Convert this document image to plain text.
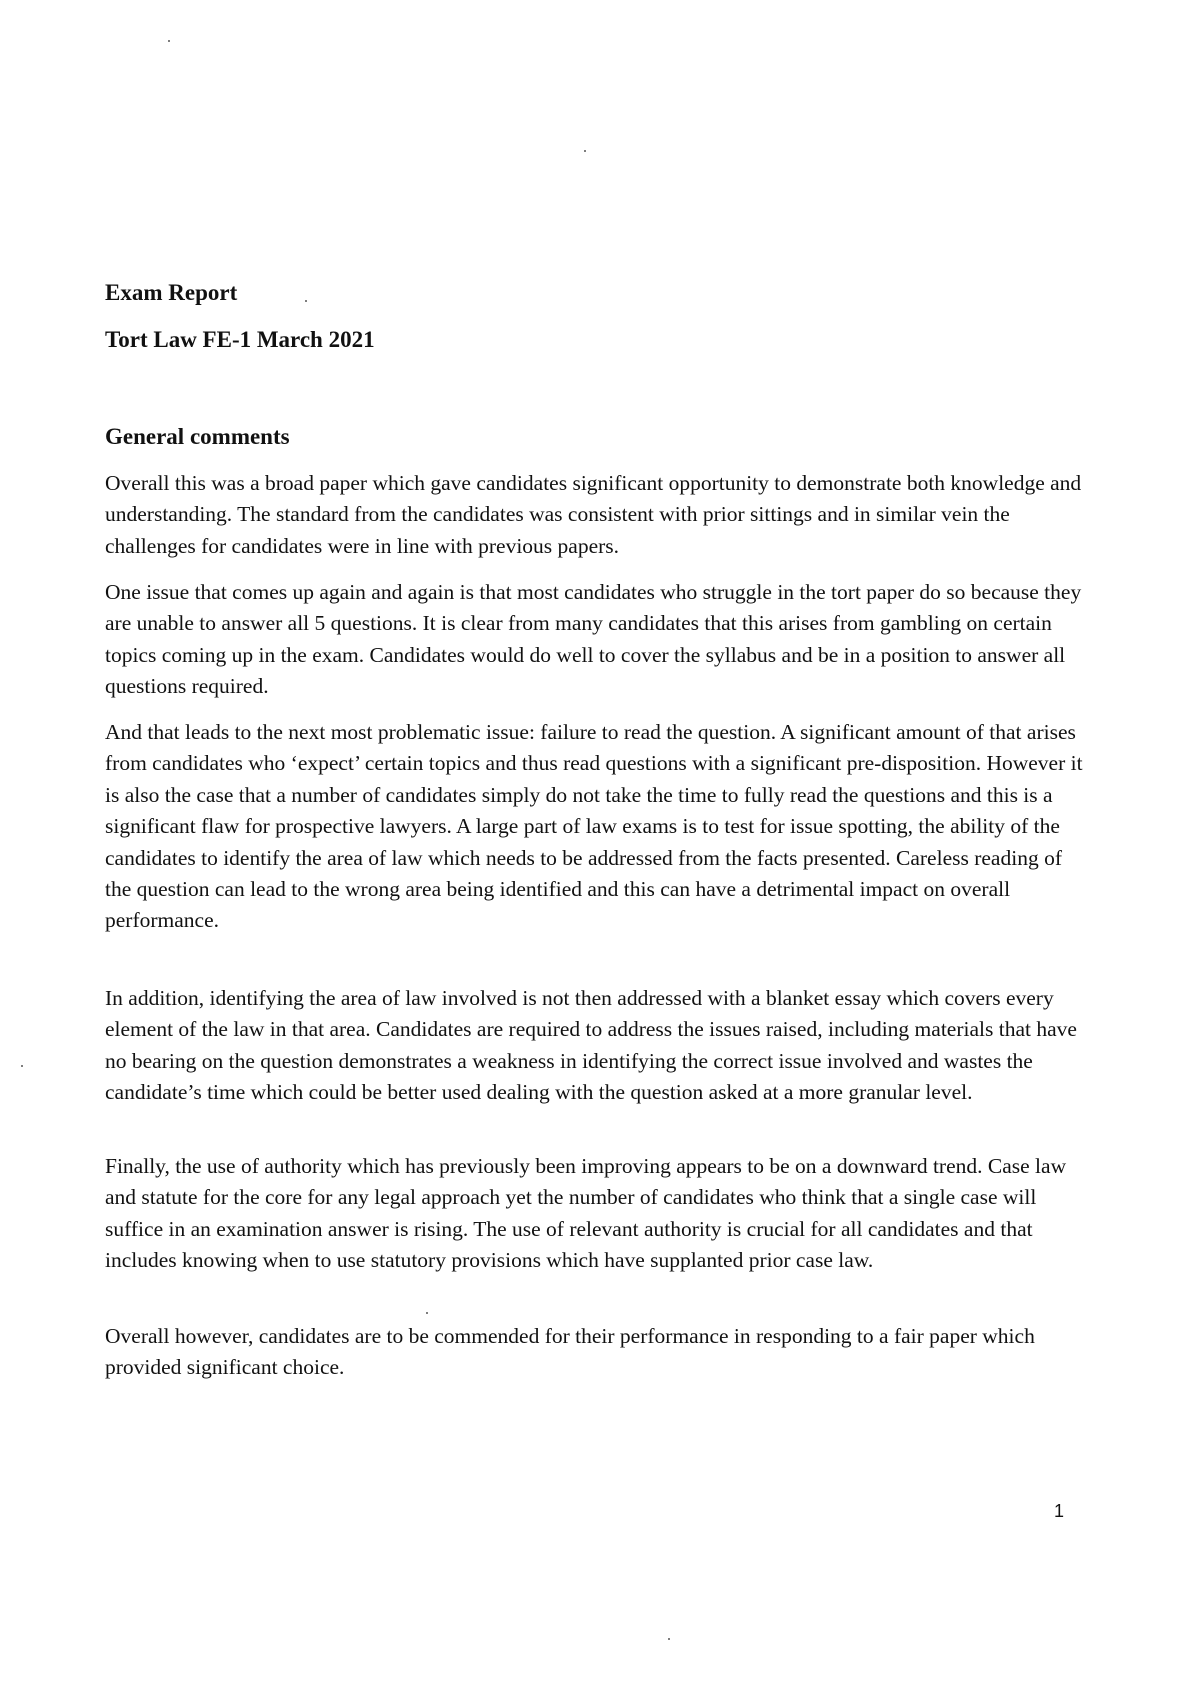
Exam Report
Tort Law FE-1 March 2021
General comments

Overall this was a broad paper which gave candidates significant opportunity to demonstrate both knowledge and understanding. The standard from the candidates was consistent with prior sittings and in similar vein the challenges for candidates were in line with previous papers.

One issue that comes up again and again is that most candidates who struggle in the tort paper do so because they are unable to answer all 5 questions. It is clear from many candidates that this arises from gambling on certain topics coming up in the exam. Candidates would do well to cover the syllabus and be in a position to answer all questions required.

And that leads to the next most problematic issue: failure to read the question. A significant amount of that arises from candidates who ‘expect’ certain topics and thus read questions with a significant pre-disposition. However it is also the case that a number of candidates simply do not take the time to fully read the questions and this is a significant flaw for prospective lawyers. A large part of law exams is to test for issue spotting, the ability of the candidates to identify the area of law which needs to be addressed from the facts presented. Careless reading of the question can lead to the wrong area being identified and this can have a detrimental impact on overall performance.

In addition, identifying the area of law involved is not then addressed with a blanket essay which covers every element of the law in that area. Candidates are required to address the issues raised, including materials that have no bearing on the question demonstrates a weakness in identifying the correct issue involved and wastes the candidate’s time which could be better used dealing with the question asked at a more granular level.

Finally, the use of authority which has previously been improving appears to be on a downward trend. Case law and statute for the core for any legal approach yet the number of candidates who think that a single case will suffice in an examination answer is rising. The use of relevant authority is crucial for all candidates and that includes knowing when to use statutory provisions which have supplanted prior case law.

Overall however, candidates are to be commended for their performance in responding to a fair paper which provided significant choice.

1
